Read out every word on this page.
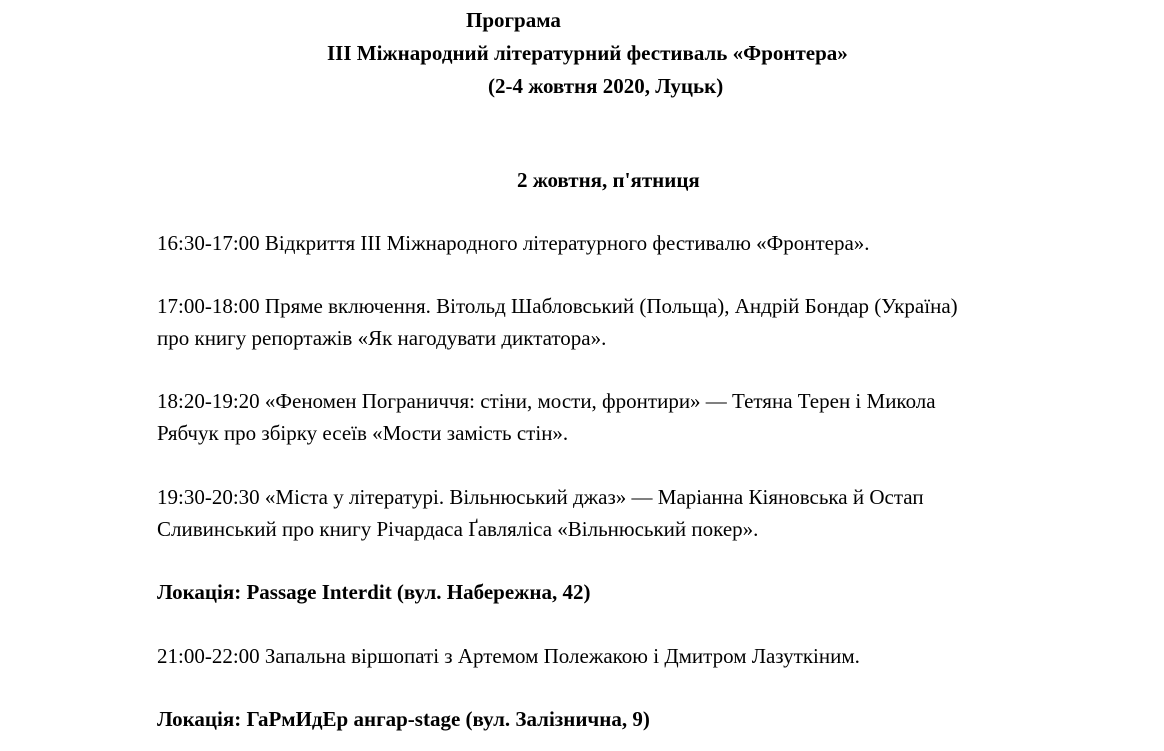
Програма
ІІІ Міжнародний літературний фестиваль «Фронтера»
(2-4 жовтня 2020, Луцьк)
2 жовтня, п'ятниця
16:30-17:00 Відкриття ІІІ Міжнародного літературного фестивалю «Фронтера».
17:00-18:00 Пряме включення. Вітольд Шабловський (Польща), Андрій Бондар (Україна)
про книгу репортажів «Як нагодувати диктатора».
18:20-19:20 «Феномен Пограниччя: стіни, мости, фронтири» — Тетяна Терен і Микола
Рябчук про збірку есеїв «Мости замість стін».
19:30-20:30 «Міста у літературі. Вільнюський джаз» — Маріанна Кіяновська й Остап
Сливинський про книгу Річардаса Ґавляліса «Вільнюський покер».
Локація: Passage Interdit (вул. Набережна, 42)
21:00-22:00 Запальна віршопаті з Артемом Полежакою і Дмитром Лазуткіним.
Локація: ГаРмИдЕр ангар-stage (вул. Залізнична, 9)
